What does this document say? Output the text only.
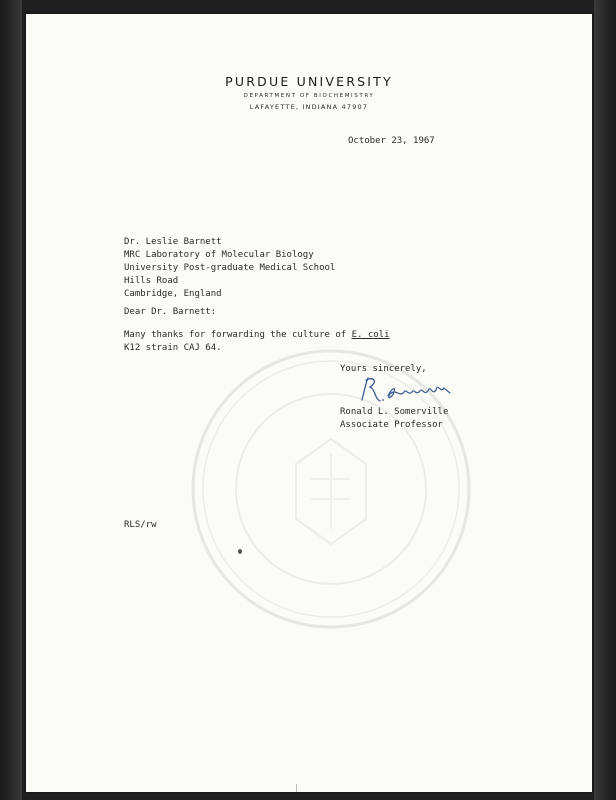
PURDUE UNIVERSITY
DEPARTMENT OF BIOCHEMISTRY
LAFAYETTE, INDIANA 47907
October 23, 1967
Dr. Leslie Barnett
MRC Laboratory of Molecular Biology
University Post-graduate Medical School
Hills Road
Cambridge, England
Dear Dr. Barnett:
Many thanks for forwarding the culture of E. coli
K12 strain CAJ 64.
Yours sincerely,
Ronald L. Somerville
Associate Professor
RLS/rw
